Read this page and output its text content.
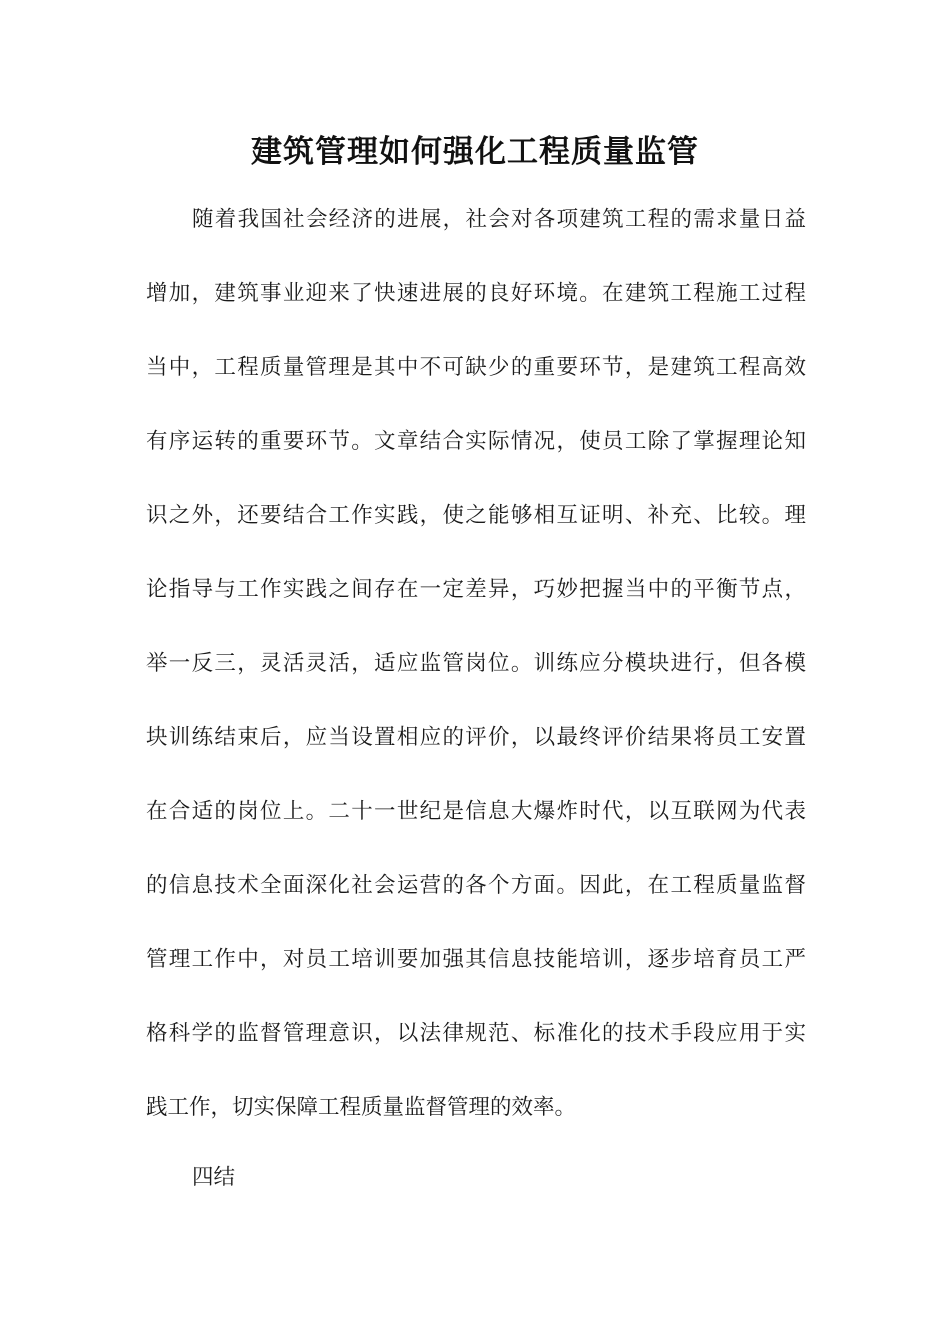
建筑管理如何强化工程质量监管

随着我国社会经济的进展，社会对各项建筑工程的需求量日益

增加，建筑事业迎来了快速进展的良好环境。在建筑工程施工过程

当中，工程质量管理是其中不可缺少的重要环节，是建筑工程高效

有序运转的重要环节。文章结合实际情况，使员工除了掌握理论知

识之外，还要结合工作实践，使之能够相互证明、补充、比较。理

论指导与工作实践之间存在一定差异，巧妙把握当中的平衡节点，

举一反三，灵活灵活，适应监管岗位。训练应分模块进行，但各模

块训练结束后，应当设置相应的评价，以最终评价结果将员工安置

在合适的岗位上。二十一世纪是信息大爆炸时代，以互联网为代表

的信息技术全面深化社会运营的各个方面。因此，在工程质量监督

管理工作中，对员工培训要加强其信息技能培训，逐步培育员工严

格科学的监督管理意识，以法律规范、标准化的技术手段应用于实

践工作，切实保障工程质量监督管理的效率。

四结
